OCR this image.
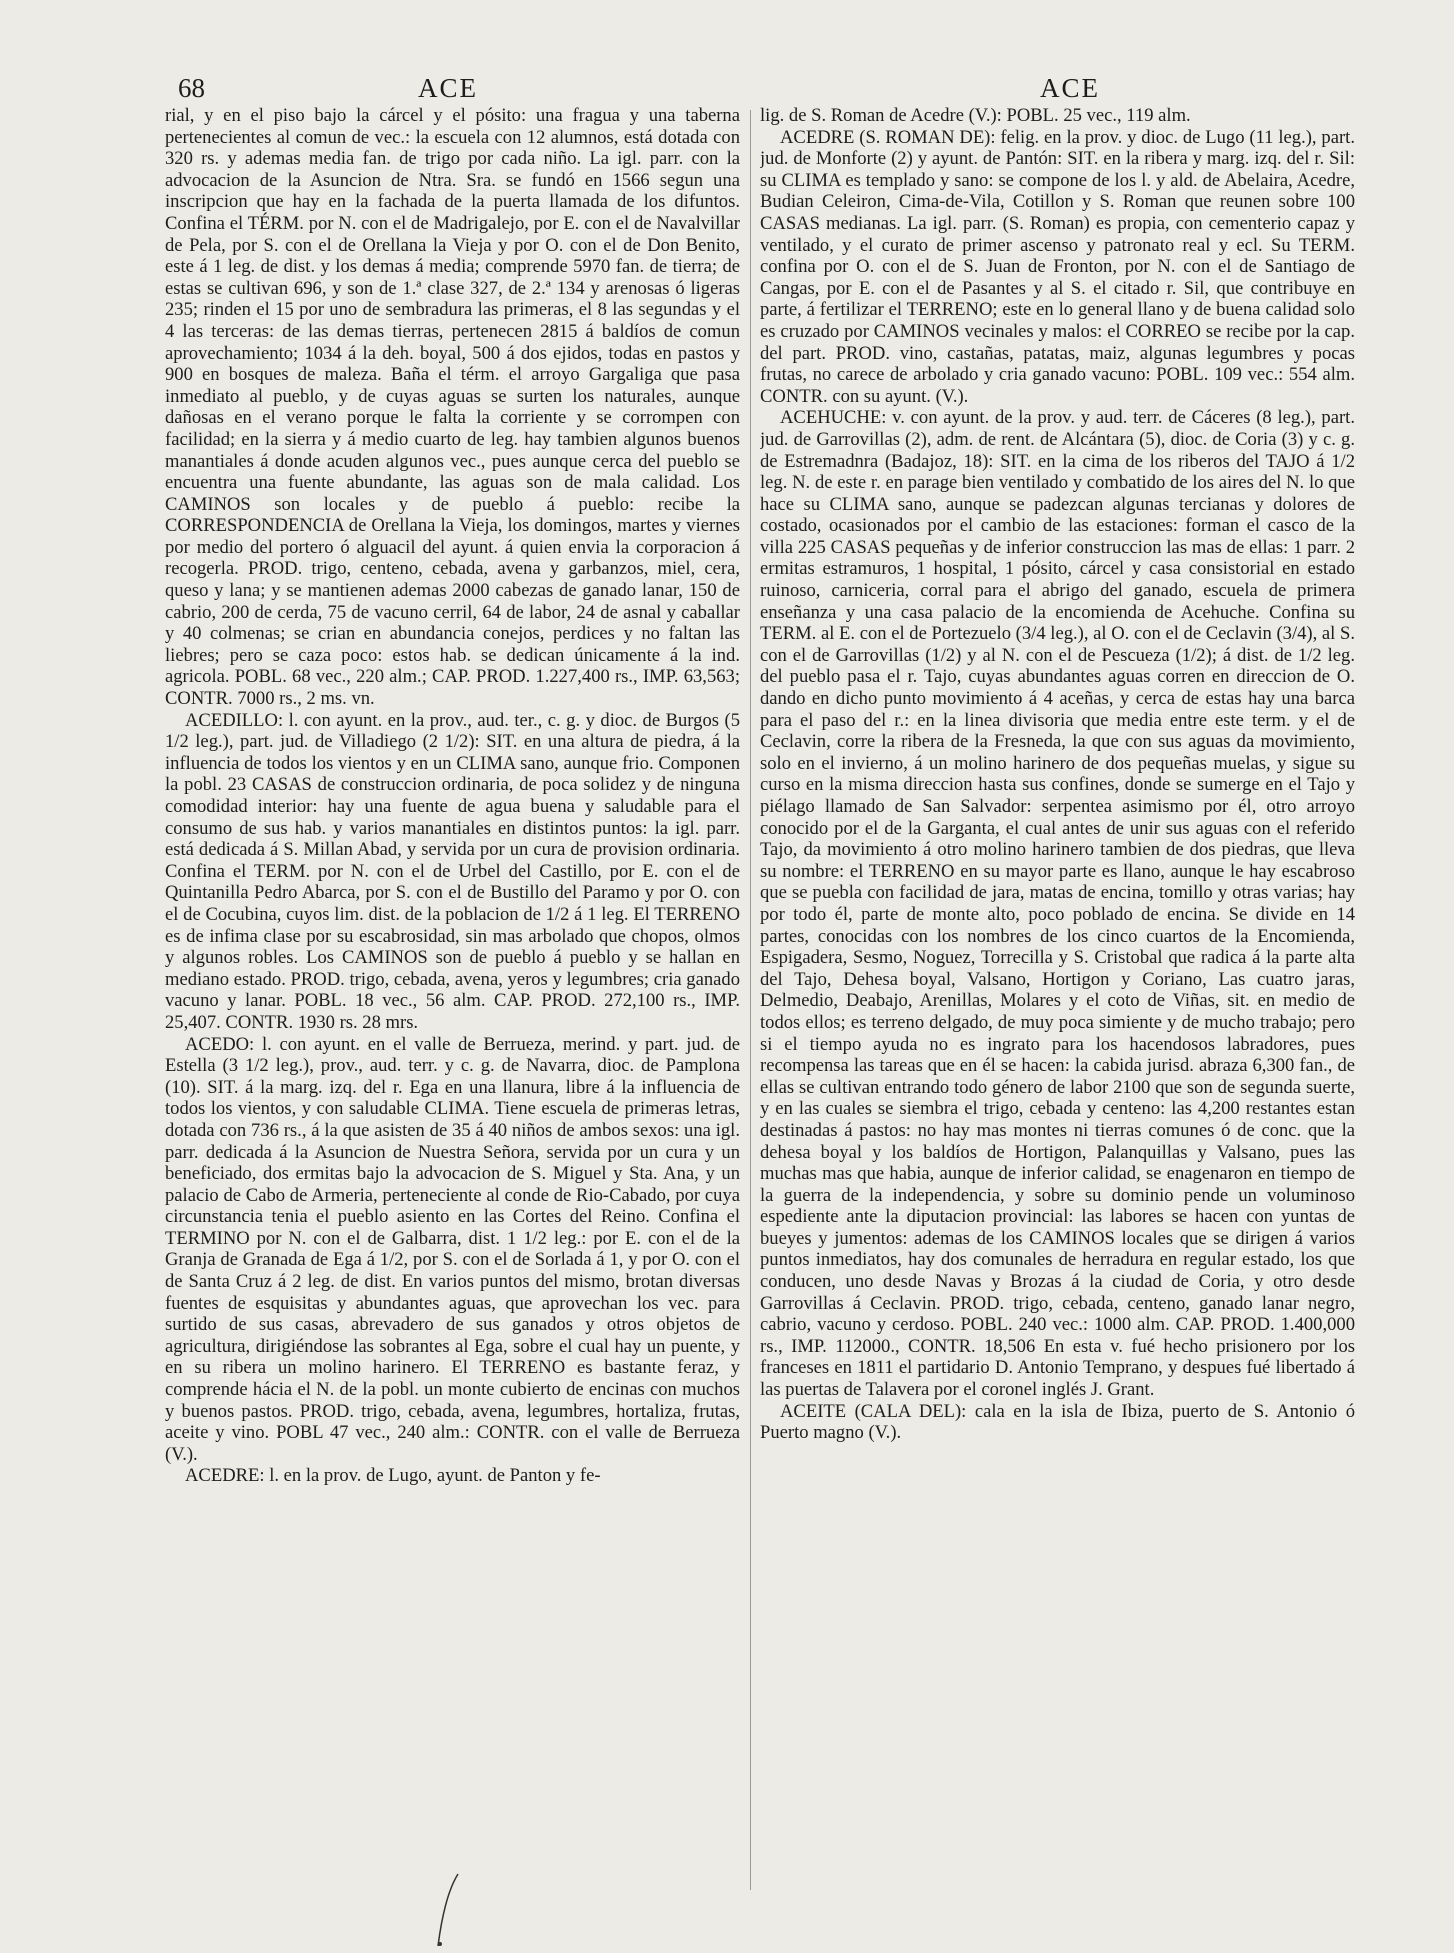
68	ACE	ACE

rial, y en el piso bajo la cárcel y el pósito: una fragua y una taberna pertenecientes al comun de vec.: la escuela con 12 alumnos, está dotada con 320 rs. y ademas media fan. de trigo por cada niño. La igl. parr. con la advocacion de la Asuncion de Ntra. Sra. se fundó en 1566 segun una inscripcion que hay en la fachada de la puerta llamada de los difuntos. Confina el TÉRM. por N. con el de Madrigalejo, por E. con el de Navalvillar de Pela, por S. con el de Orellana la Vieja y por O. con el de Don Benito, este á 1 leg. de dist. y los demas á media; comprende 5970 fan. de tierra; de estas se cultivan 696, y son de 1.ª clase 327, de 2.ª 134 y arenosas ó ligeras 235; rinden el 15 por uno de sembradura las primeras, el 8 las segundas y el 4 las terceras: de las demas tierras, pertenecen 2815 á baldíos de comun aprovechamiento; 1034 á la deh. boyal, 500 á dos ejidos, todas en pastos y 900 en bosques de maleza. Baña el térm. el arroyo Gargaliga que pasa inmediato al pueblo, y de cuyas aguas se surten los naturales, aunque dañosas en el verano porque le falta la corriente y se corrompen con facilidad; en la sierra y á medio cuarto de leg. hay tambien algunos buenos manantiales á donde acuden algunos vec., pues aunque cerca del pueblo se encuentra una fuente abundante, las aguas son de mala calidad. Los CAMINOS son locales y de pueblo á pueblo: recibe la CORRESPONDENCIA de Orellana la Vieja, los domingos, martes y viernes por medio del portero ó alguacil del ayunt. á quien envia la corporacion á recogerla. PROD. trigo, centeno, cebada, avena y garbanzos, miel, cera, queso y lana; y se mantienen ademas 2000 cabezas de ganado lanar, 150 de cabrio, 200 de cerda, 75 de vacuno cerril, 64 de labor, 24 de asnal y caballar y 40 colmenas; se crian en abundancia conejos, perdices y no faltan las liebres; pero se caza poco: estos hab. se dedican únicamente á la ind. agricola. POBL. 68 vec., 220 alm.; CAP. PROD. 1.227,400 rs., IMP. 63,563; CONTR. 7000 rs., 2 ms. vn.

ACEDILLO: l. con ayunt. en la prov., aud. ter., c. g. y dioc. de Burgos (5 1/2 leg.), part. jud. de Villadiego (2 1/2): SIT. en una altura de piedra, á la influencia de todos los vientos y en un CLIMA sano, aunque frio. Componen la pobl. 23 CASAS de construccion ordinaria, de poca solidez y de ninguna comodidad interior: hay una fuente de agua buena y saludable para el consumo de sus hab. y varios manantiales en distintos puntos: la igl. parr. está dedicada á S. Millan Abad, y servida por un cura de provision ordinaria. Confina el TERM. por N. con el de Urbel del Castillo, por E. con el de Quintanilla Pedro Abarca, por S. con el de Bustillo del Paramo y por O. con el de Cocubina, cuyos lim. dist. de la poblacion de 1/2 á 1 leg. El TERRENO es de infima clase por su escabrosidad, sin mas arbolado que chopos, olmos y algunos robles. Los CAMINOS son de pueblo á pueblo y se hallan en mediano estado. PROD. trigo, cebada, avena, yeros y legumbres; cria ganado vacuno y lanar. POBL. 18 vec., 56 alm. CAP. PROD. 272,100 rs., IMP. 25,407. CONTR. 1930 rs. 28 mrs.

ACEDO: l. con ayunt. en el valle de Berrueza, merind. y part. jud. de Estella (3 1/2 leg.), prov., aud. terr. y c. g. de Navarra, dioc. de Pamplona (10). SIT. á la marg. izq. del r. Ega en una llanura, libre á la influencia de todos los vientos, y con saludable CLIMA. Tiene escuela de primeras letras, dotada con 736 rs., á la que asisten de 35 á 40 niños de ambos sexos: una igl. parr. dedicada á la Asuncion de Nuestra Señora, servida por un cura y un beneficiado, dos ermitas bajo la advocacion de S. Miguel y Sta. Ana, y un palacio de Cabo de Armeria, perteneciente al conde de Rio-Cabado, por cuya circunstancia tenia el pueblo asiento en las Cortes del Reino. Confina el TERMINO por N. con el de Galbarra, dist. 1 1/2 leg.: por E. con el de la Granja de Granada de Ega á 1/2, por S. con el de Sorlada á 1, y por O. con el de Santa Cruz á 2 leg. de dist. En varios puntos del mismo, brotan diversas fuentes de esquisitas y abundantes aguas, que aprovechan los vec. para surtido de sus casas, abrevadero de sus ganados y otros objetos de agricultura, dirigiéndose las sobrantes al Ega, sobre el cual hay un puente, y en su ribera un molino harinero. El TERRENO es bastante feraz, y comprende hácia el N. de la pobl. un monte cubierto de encinas con muchos y buenos pastos. PROD. trigo, cebada, avena, legumbres, hortaliza, frutas, aceite y vino. POBL 47 vec., 240 alm.: CONTR. con el valle de Berrueza (V.).

ACEDRE: l. en la prov. de Lugo, ayunt. de Panton y fe-

lig. de S. Roman de Acedre (V.): POBL. 25 vec., 119 alm.

ACEDRE (S. ROMAN DE): felig. en la prov. y dioc. de Lugo (11 leg.), part. jud. de Monforte (2) y ayunt. de Pantón: SIT. en la ribera y marg. izq. del r. Sil: su CLIMA es templado y sano: se compone de los l. y ald. de Abelaira, Acedre, Budian Celeiron, Cima-de-Vila, Cotillon y S. Roman que reunen sobre 100 CASAS medianas. La igl. parr. (S. Roman) es propia, con cementerio capaz y ventilado, y el curato de primer ascenso y patronato real y ecl. Su TERM. confina por O. con el de S. Juan de Fronton, por N. con el de Santiago de Cangas, por E. con el de Pasantes y al S. el citado r. Sil, que contribuye en parte, á fertilizar el TERRENO; este en lo general llano y de buena calidad solo es cruzado por CAMINOS vecinales y malos: el CORREO se recibe por la cap. del part. PROD. vino, castañas, patatas, maiz, algunas legumbres y pocas frutas, no carece de arbolado y cria ganado vacuno: POBL. 109 vec.: 554 alm. CONTR. con su ayunt. (V.).

ACEHUCHE: v. con ayunt. de la prov. y aud. terr. de Cáceres (8 leg.), part. jud. de Garrovillas (2), adm. de rent. de Alcántara (5), dioc. de Coria (3) y c. g. de Estremadnra (Badajoz, 18): SIT. en la cima de los riberos del TAJO á 1/2 leg. N. de este r. en parage bien ventilado y combatido de los aires del N. lo que hace su CLIMA sano, aunque se padezcan algunas tercianas y dolores de costado, ocasionados por el cambio de las estaciones: forman el casco de la villa 225 CASAS pequeñas y de inferior construccion las mas de ellas: 1 parr. 2 ermitas estramuros, 1 hospital, 1 pósito, cárcel y casa consistorial en estado ruinoso, carniceria, corral para el abrigo del ganado, escuela de primera enseñanza y una casa palacio de la encomienda de Acehuche. Confina su TERM. al E. con el de Portezuelo (3/4 leg.), al O. con el de Ceclavin (3/4), al S. con el de Garrovillas (1/2) y al N. con el de Pescueza (1/2); á dist. de 1/2 leg. del pueblo pasa el r. Tajo, cuyas abundantes aguas corren en direccion de O. dando en dicho punto movimiento á 4 aceñas, y cerca de estas hay una barca para el paso del r.: en la linea divisoria que media entre este term. y el de Ceclavin, corre la ribera de la Fresneda, la que con sus aguas da movimiento, solo en el invierno, á un molino harinero de dos pequeñas muelas, y sigue su curso en la misma direccion hasta sus confines, donde se sumerge en el Tajo y piélago llamado de San Salvador: serpentea asimismo por él, otro arroyo conocido por el de la Garganta, el cual antes de unir sus aguas con el referido Tajo, da movimiento á otro molino harinero tambien de dos piedras, que lleva su nombre: el TERRENO en su mayor parte es llano, aunque le hay escabroso que se puebla con facilidad de jara, matas de encina, tomillo y otras varias; hay por todo él, parte de monte alto, poco poblado de encina. Se divide en 14 partes, conocidas con los nombres de los cinco cuartos de la Encomienda, Espigadera, Sesmo, Noguez, Torrecilla y S. Cristobal que radica á la parte alta del Tajo, Dehesa boyal, Valsano, Hortigon y Coriano, Las cuatro jaras, Delmedio, Deabajo, Arenillas, Molares y el coto de Viñas, sit. en medio de todos ellos; es terreno delgado, de muy poca simiente y de mucho trabajo; pero si el tiempo ayuda no es ingrato para los hacendosos labradores, pues recompensa las tareas que en él se hacen: la cabida jurisd. abraza 6,300 fan., de ellas se cultivan entrando todo género de labor 2100 que son de segunda suerte, y en las cuales se siembra el trigo, cebada y centeno: las 4,200 restantes estan destinadas á pastos: no hay mas montes ni tierras comunes ó de conc. que la dehesa boyal y los baldíos de Hortigon, Palanquillas y Valsano, pues las muchas mas que habia, aunque de inferior calidad, se enagenaron en tiempo de la guerra de la independencia, y sobre su dominio pende un voluminoso espediente ante la diputacion provincial: las labores se hacen con yuntas de bueyes y jumentos: ademas de los CAMINOS locales que se dirigen á varios puntos inmediatos, hay dos comunales de herradura en regular estado, los que conducen, uno desde Navas y Brozas á la ciudad de Coria, y otro desde Garrovillas á Ceclavin. PROD. trigo, cebada, centeno, ganado lanar negro, cabrio, vacuno y cerdoso. POBL. 240 vec.: 1000 alm. CAP. PROD. 1.400,000 rs., IMP. 112000., CONTR. 18,506 En esta v. fué hecho prisionero por los franceses en 1811 el partidario D. Antonio Temprano, y despues fué libertado á las puertas de Talavera por el coronel inglés J. Grant.

ACEITE (CALA DEL): cala en la isla de Ibiza, puerto de S. Antonio ó Puerto magno (V.).
